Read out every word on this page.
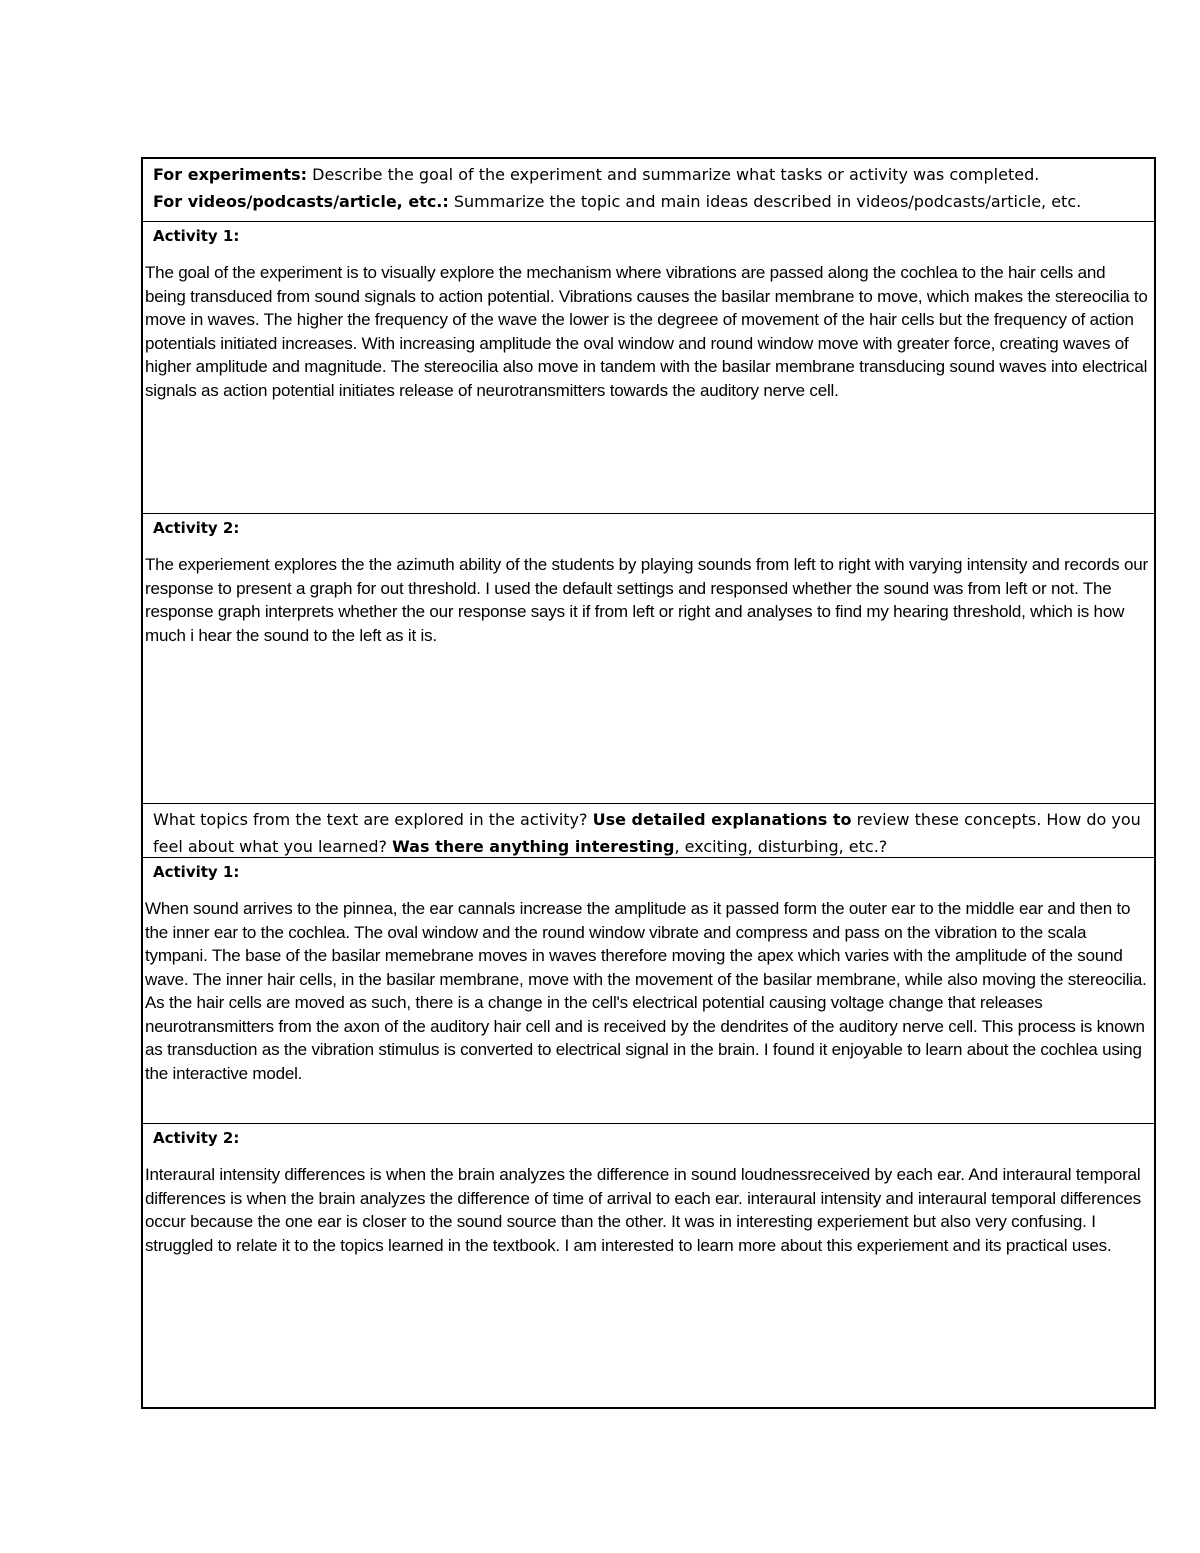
For experiments: Describe the goal of the experiment and summarize what tasks or activity was completed.
For videos/podcasts/article, etc.: Summarize the topic and main ideas described in videos/podcasts/article, etc.
Activity 1:
The goal of the experiment is to visually explore the mechanism where vibrations are passed along the cochlea to the hair cells and being transduced from sound signals to action potential. Vibrations causes the basilar membrane to move, which makes the stereocilia to move in waves. The higher the frequency of the wave the lower is the degreee of movement of the hair cells but the frequency of action potentials initiated increases. With increasing amplitude the oval window and round window move with greater force, creating waves of higher amplitude and magnitude. The stereocilia also move in tandem with the basilar membrane transducing sound waves into electrical signals as action potential initiates release of neurotransmitters towards the auditory nerve cell.
Activity 2:
The experiement explores the the azimuth ability of the students by playing sounds from left to right with varying intensity and records our response to present a graph for out threshold. I used the default settings and responsed whether the sound was from left or not. The response graph interprets whether the our response says it if from left or right and analyses to find my hearing threshold, which is how much i hear the sound to the left as it is.
What topics from the text are explored in the activity? Use detailed explanations to review these concepts. How do you feel about what you learned? Was there anything interesting, exciting, disturbing, etc.?
Activity 1:
When sound arrives to the pinnea, the ear cannals increase the amplitude as it passed form the outer ear to the middle ear and then to the inner ear to the cochlea. The oval window and the round window vibrate and compress and pass on the vibration to the scala tympani. The base of the basilar memebrane moves in waves therefore moving the apex which varies with the amplitude of the sound wave. The inner hair cells, in the basilar membrane, move with the movement of the basilar membrane, while also moving the stereocilia. As the hair cells are moved as such, there is a change in the cell's electrical potential causing voltage change that releases neurotransmitters from the axon of the auditory hair cell and is received by the dendrites of the auditory nerve cell. This process is known as transduction as the vibration stimulus is converted to electrical signal in the brain. I found it enjoyable to learn about the cochlea using the interactive model.
Activity 2:
Interaural intensity differences is when the brain analyzes the difference in sound loudnessreceived by each ear. And interaural temporal differences is when the brain analyzes the difference of time of arrival to each ear. interaural intensity and interaural temporal differences occur because the one ear is closer to the sound source than the other. It was in interesting experiement but also very confusing. I struggled to relate it to the topics learned in the textbook. I am interested to learn more about this experiement and its practical uses.
